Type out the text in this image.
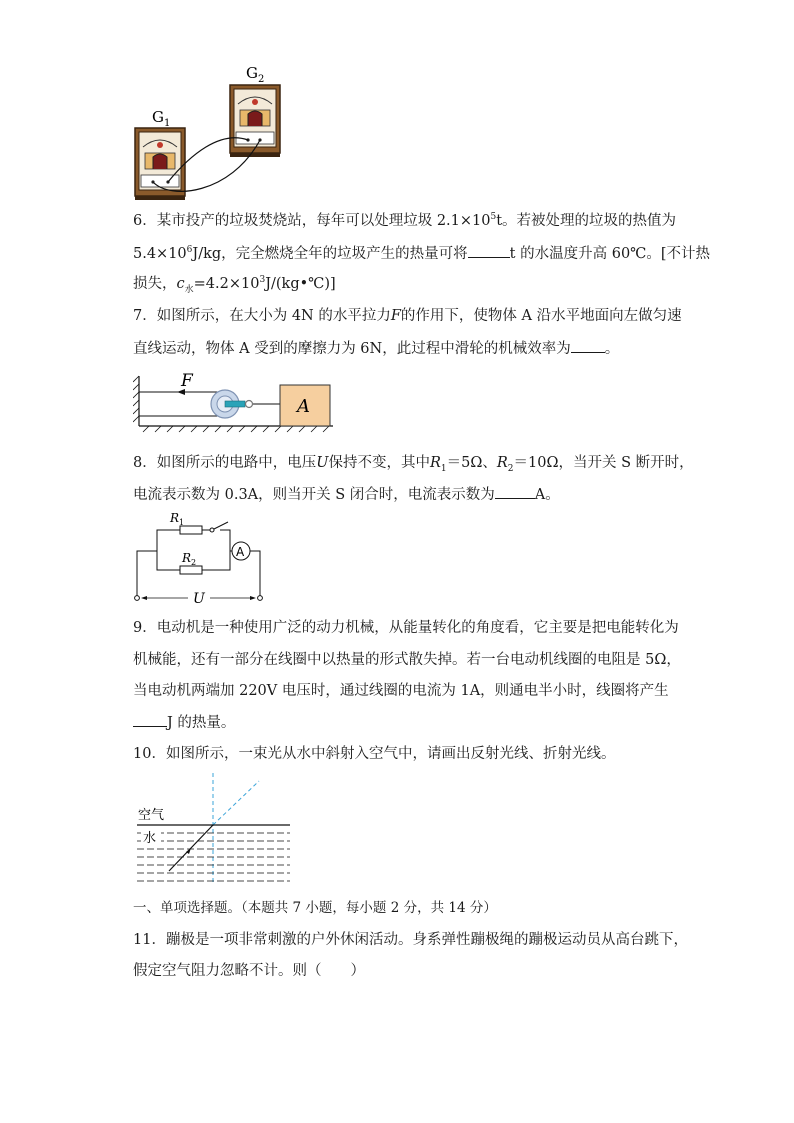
$G_1$
$G_2$
6．某市投产的垃圾焚烧站，每年可以处理垃圾 $2.1\times 10^5t$。若被处理的垃圾的热值为
$5.4\times 10^6J/kg$，完全燃烧全年的垃圾产生的热量可将	t 的水温度升高 60℃。[不计热
损失，$c_水=4.2\times 10^3J/(kg•℃)$]
7．如图所示，在大小为 4N 的水平拉力F的作用下，使物体 A 沿水平地面向左做匀速
直线运动，物体 A 受到的摩擦力为 6N，此过程中滑轮的机械效率为 。
F
A
8．如图所示的电路中，电压U保持不变，其中$R_1=5\Omega$、$R_2=10\Omega$，当开关 S 断开时，
电流表示数为 0.3A，则当开关 S 闭合时，电流表示数为	A。
A
U
$R_1$
$R_2$
9．电动机是一种使用广泛的动力机械，从能量转化的角度看，它主要是把电能转化为
机械能，还有一部分在线圈中以热量的形式散失掉。若一台电动机线圈的电阻是 5Ω，
当电动机两端加 220V 电压时，通过线圈的电流为 1A，则通电半小时，线圈将产生
J 的热量。
10．如图所示，一束光从水中斜射入空气中，请画出反射光线、折射光线。
空气
水
一、单项选择题。（本题共 7 小题，每小题 2 分，共 14 分）
11．蹦极是一项非常刺激的户外休闲活动。身系弹性蹦极绳的蹦极运动员从高台跳下，
假定空气阻力忽略不计。则（　　）
